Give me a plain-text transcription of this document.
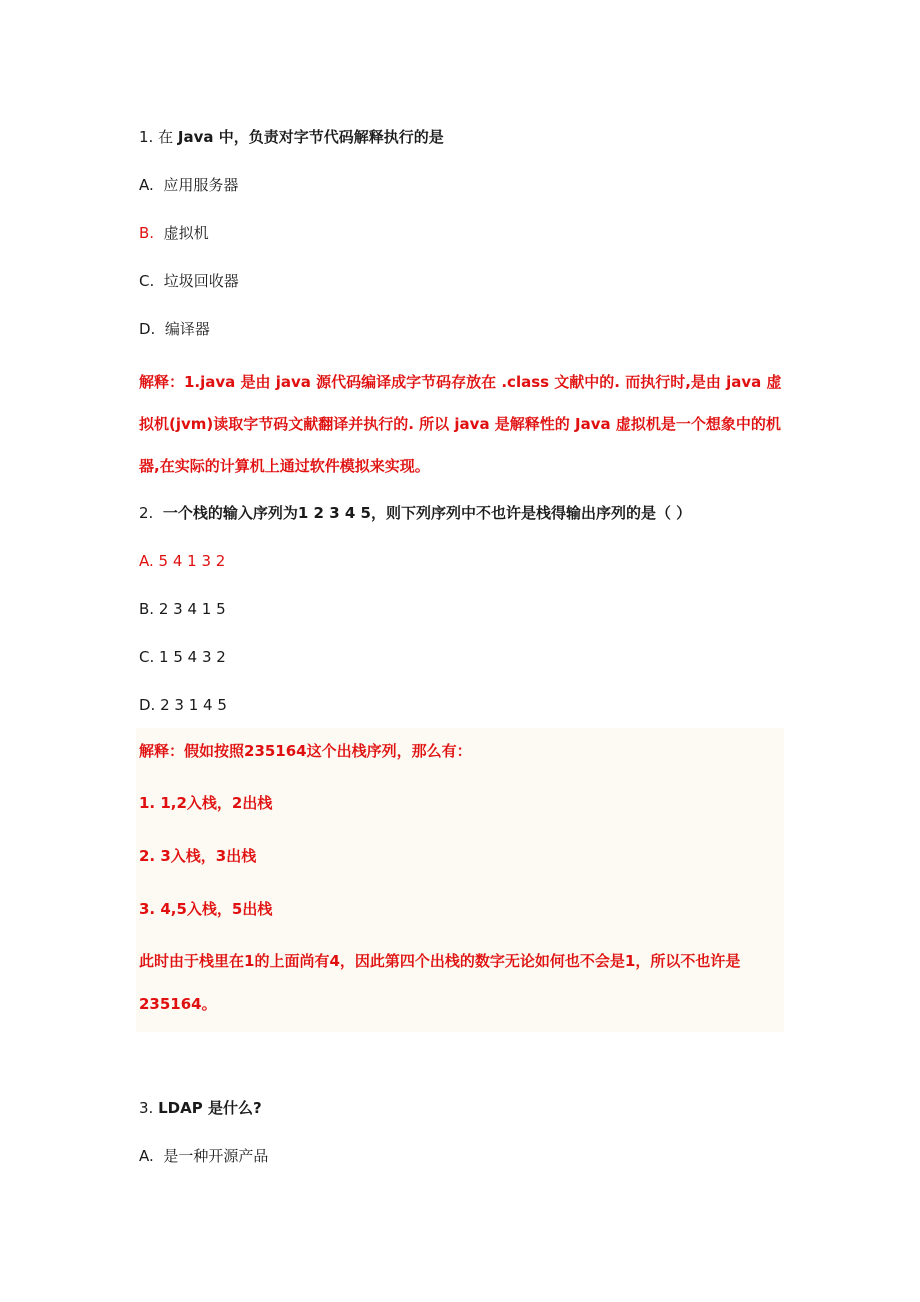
1. 在 Java 中，负责对字节代码解释执行的是
A. 应用服务器
B. 虚拟机
C. 垃圾回收器
D. 编译器
解释：1.java 是由 java 源代码编译成字节码存放在 .class 文献中的. 而执行时,是由 java 虚拟机(jvm)读取字节码文献翻译并执行的. 所以 java 是解释性的 Java 虚拟机是一个想象中的机器,在实际的计算机上通过软件模拟来实现。
2. 一个栈的输入序列为1 2 3 4 5，则下列序列中不也许是栈得输出序列的是（ ）
A. 5 4 1 3 2
B. 2 3 4 1 5
C. 1 5 4 3 2
D. 2 3 1 4 5

解释：假如按照235164这个出栈序列，那么有：

1. 1,2入栈，2出栈

2. 3入栈，3出栈

3. 4,5入栈，5出栈

此时由于栈里在1的上面尚有4，因此第四个出栈的数字无论如何也不会是1，所以不也许是

235164。

3. LDAP 是什么?
A. 是一种开源产品
